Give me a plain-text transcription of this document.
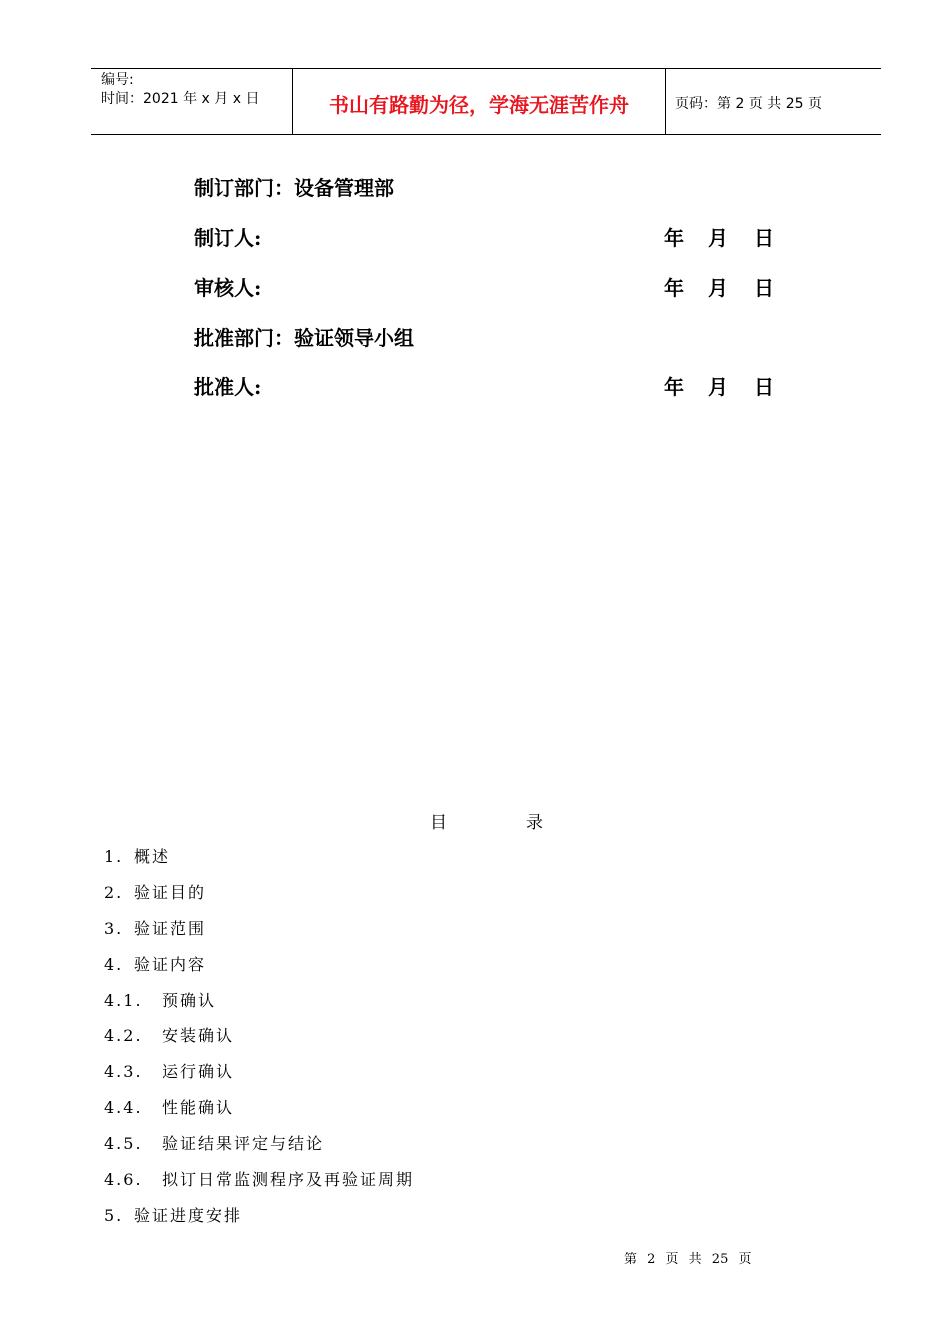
编号:
时间：2021 年 x 月 x 日	书山有路勤为径，学海无涯苦作舟	页码：第 2 页 共 25 页
制订部门：设备管理部
制订人:	年 月 日
审核人:	年 月 日
批准部门：验证领导小组
批准人:	年 月 日
目	录
1. 概述
2. 验证目的
3. 验证范围
4. 验证内容
4.1. 预确认
4.2. 安装确认
4.3. 运行确认
4.4. 性能确认
4.5. 验证结果评定与结论
4.6. 拟订日常监测程序及再验证周期
5. 验证进度安排
第 2 页 共 25 页
